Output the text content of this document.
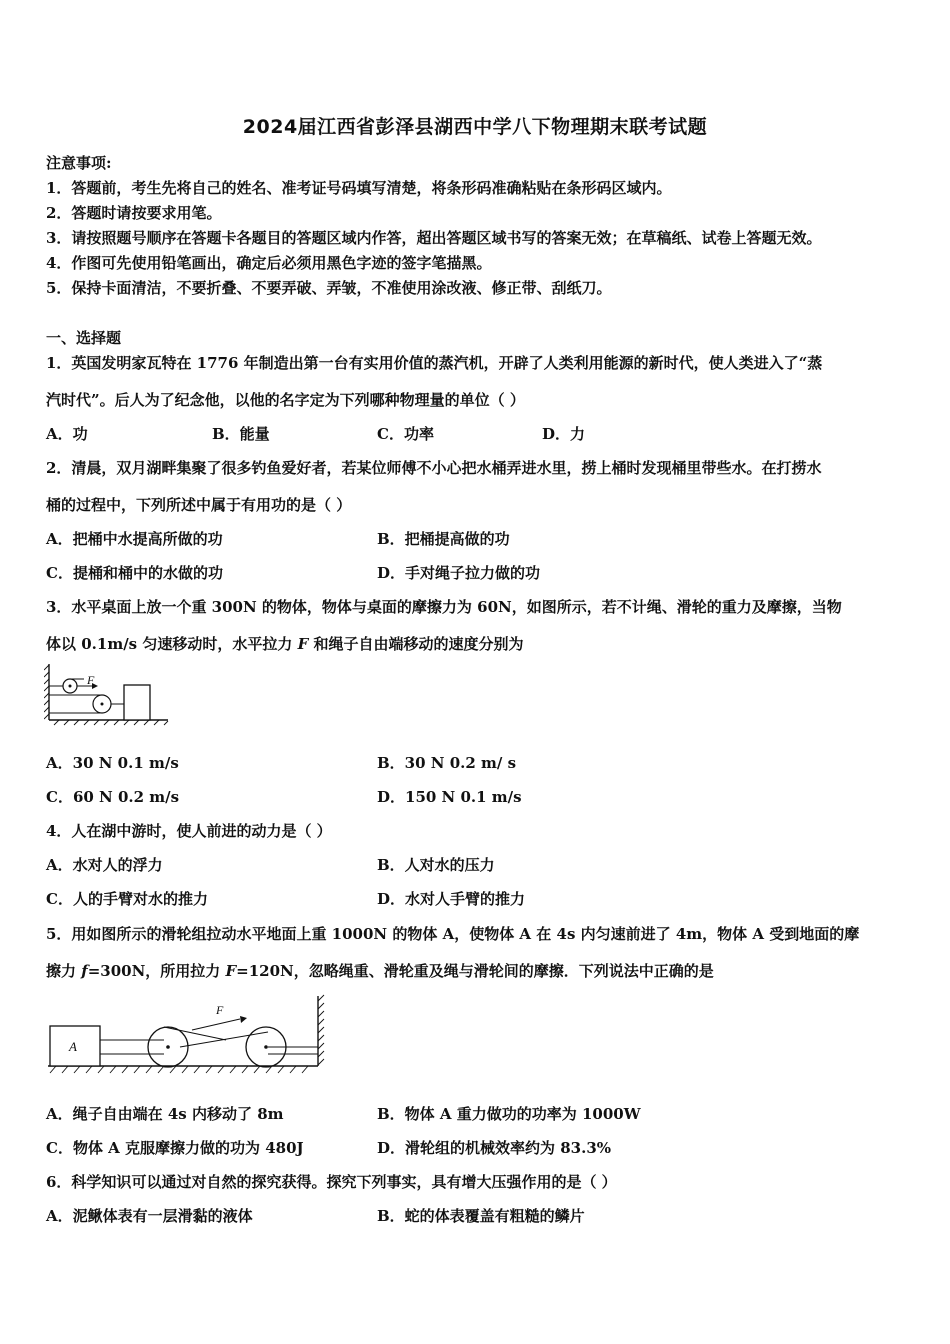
2024届江西省彭泽县湖西中学八下物理期末联考试题
注意事项:
1．答题前，考生先将自己的姓名、准考证号码填写清楚，将条形码准确粘贴在条形码区域内。
2．答题时请按要求用笔。
3．请按照题号顺序在答题卡各题目的答题区域内作答，超出答题区域书写的答案无效；在草稿纸、试卷上答题无效。
4．作图可先使用铅笔画出，确定后必须用黑色字迹的签字笔描黑。
5．保持卡面清洁，不要折叠、不要弄破、弄皱，不准使用涂改液、修正带、刮纸刀。
一、选择题
1．英国发明家瓦特在 1776 年制造出第一台有实用价值的蒸汽机，开辟了人类利用能源的新时代，使人类进入了“蒸
汽时代”。后人为了纪念他，以他的名字定为下列哪种物理量的单位（ ）
A．功	B．能量	C．功率	D．力
2．清晨，双月湖畔集聚了很多钓鱼爱好者，若某位师傅不小心把水桶弄进水里，捞上桶时发现桶里带些水。在打捞水
桶的过程中，下列所述中属于有用功的是（ ）
A．把桶中水提高所做的功	B．把桶提高做的功
C．提桶和桶中的水做的功	D．手对绳子拉力做的功
3．水平桌面上放一个重 300N 的物体，物体与桌面的摩擦力为 60N，如图所示，若不计绳、滑轮的重力及摩擦，当物
体以 0.1m/s 匀速移动时，水平拉力 F 和绳子自由端移动的速度分别为
F
A．30 N 0.1 m/s	B．30 N 0.2 m/ s
C．60 N 0.2 m/s	D．150 N 0.1 m/s
4．人在湖中游时，使人前进的动力是（ ）
A．水对人的浮力	B．人对水的压力
C．人的手臂对水的推力	D．水对人手臂的推力
5．用如图所示的滑轮组拉动水平地面上重 1000N 的物体 A，使物体 A 在 4s 内匀速前进了 4m，物体 A 受到地面的摩
擦力 f=300N，所用拉力 F=120N，忽略绳重、滑轮重及绳与滑轮间的摩擦．下列说法中正确的是
A
F
A．绳子自由端在 4s 内移动了 8m	B．物体 A 重力做功的功率为 1000W
C．物体 A 克服摩擦力做的功为 480J	D．滑轮组的机械效率约为 83.3%
6．科学知识可以通过对自然的探究获得。探究下列事实，具有增大压强作用的是（ ）
A．泥鳅体表有一层滑黏的液体	B．蛇的体表覆盖有粗糙的鳞片
